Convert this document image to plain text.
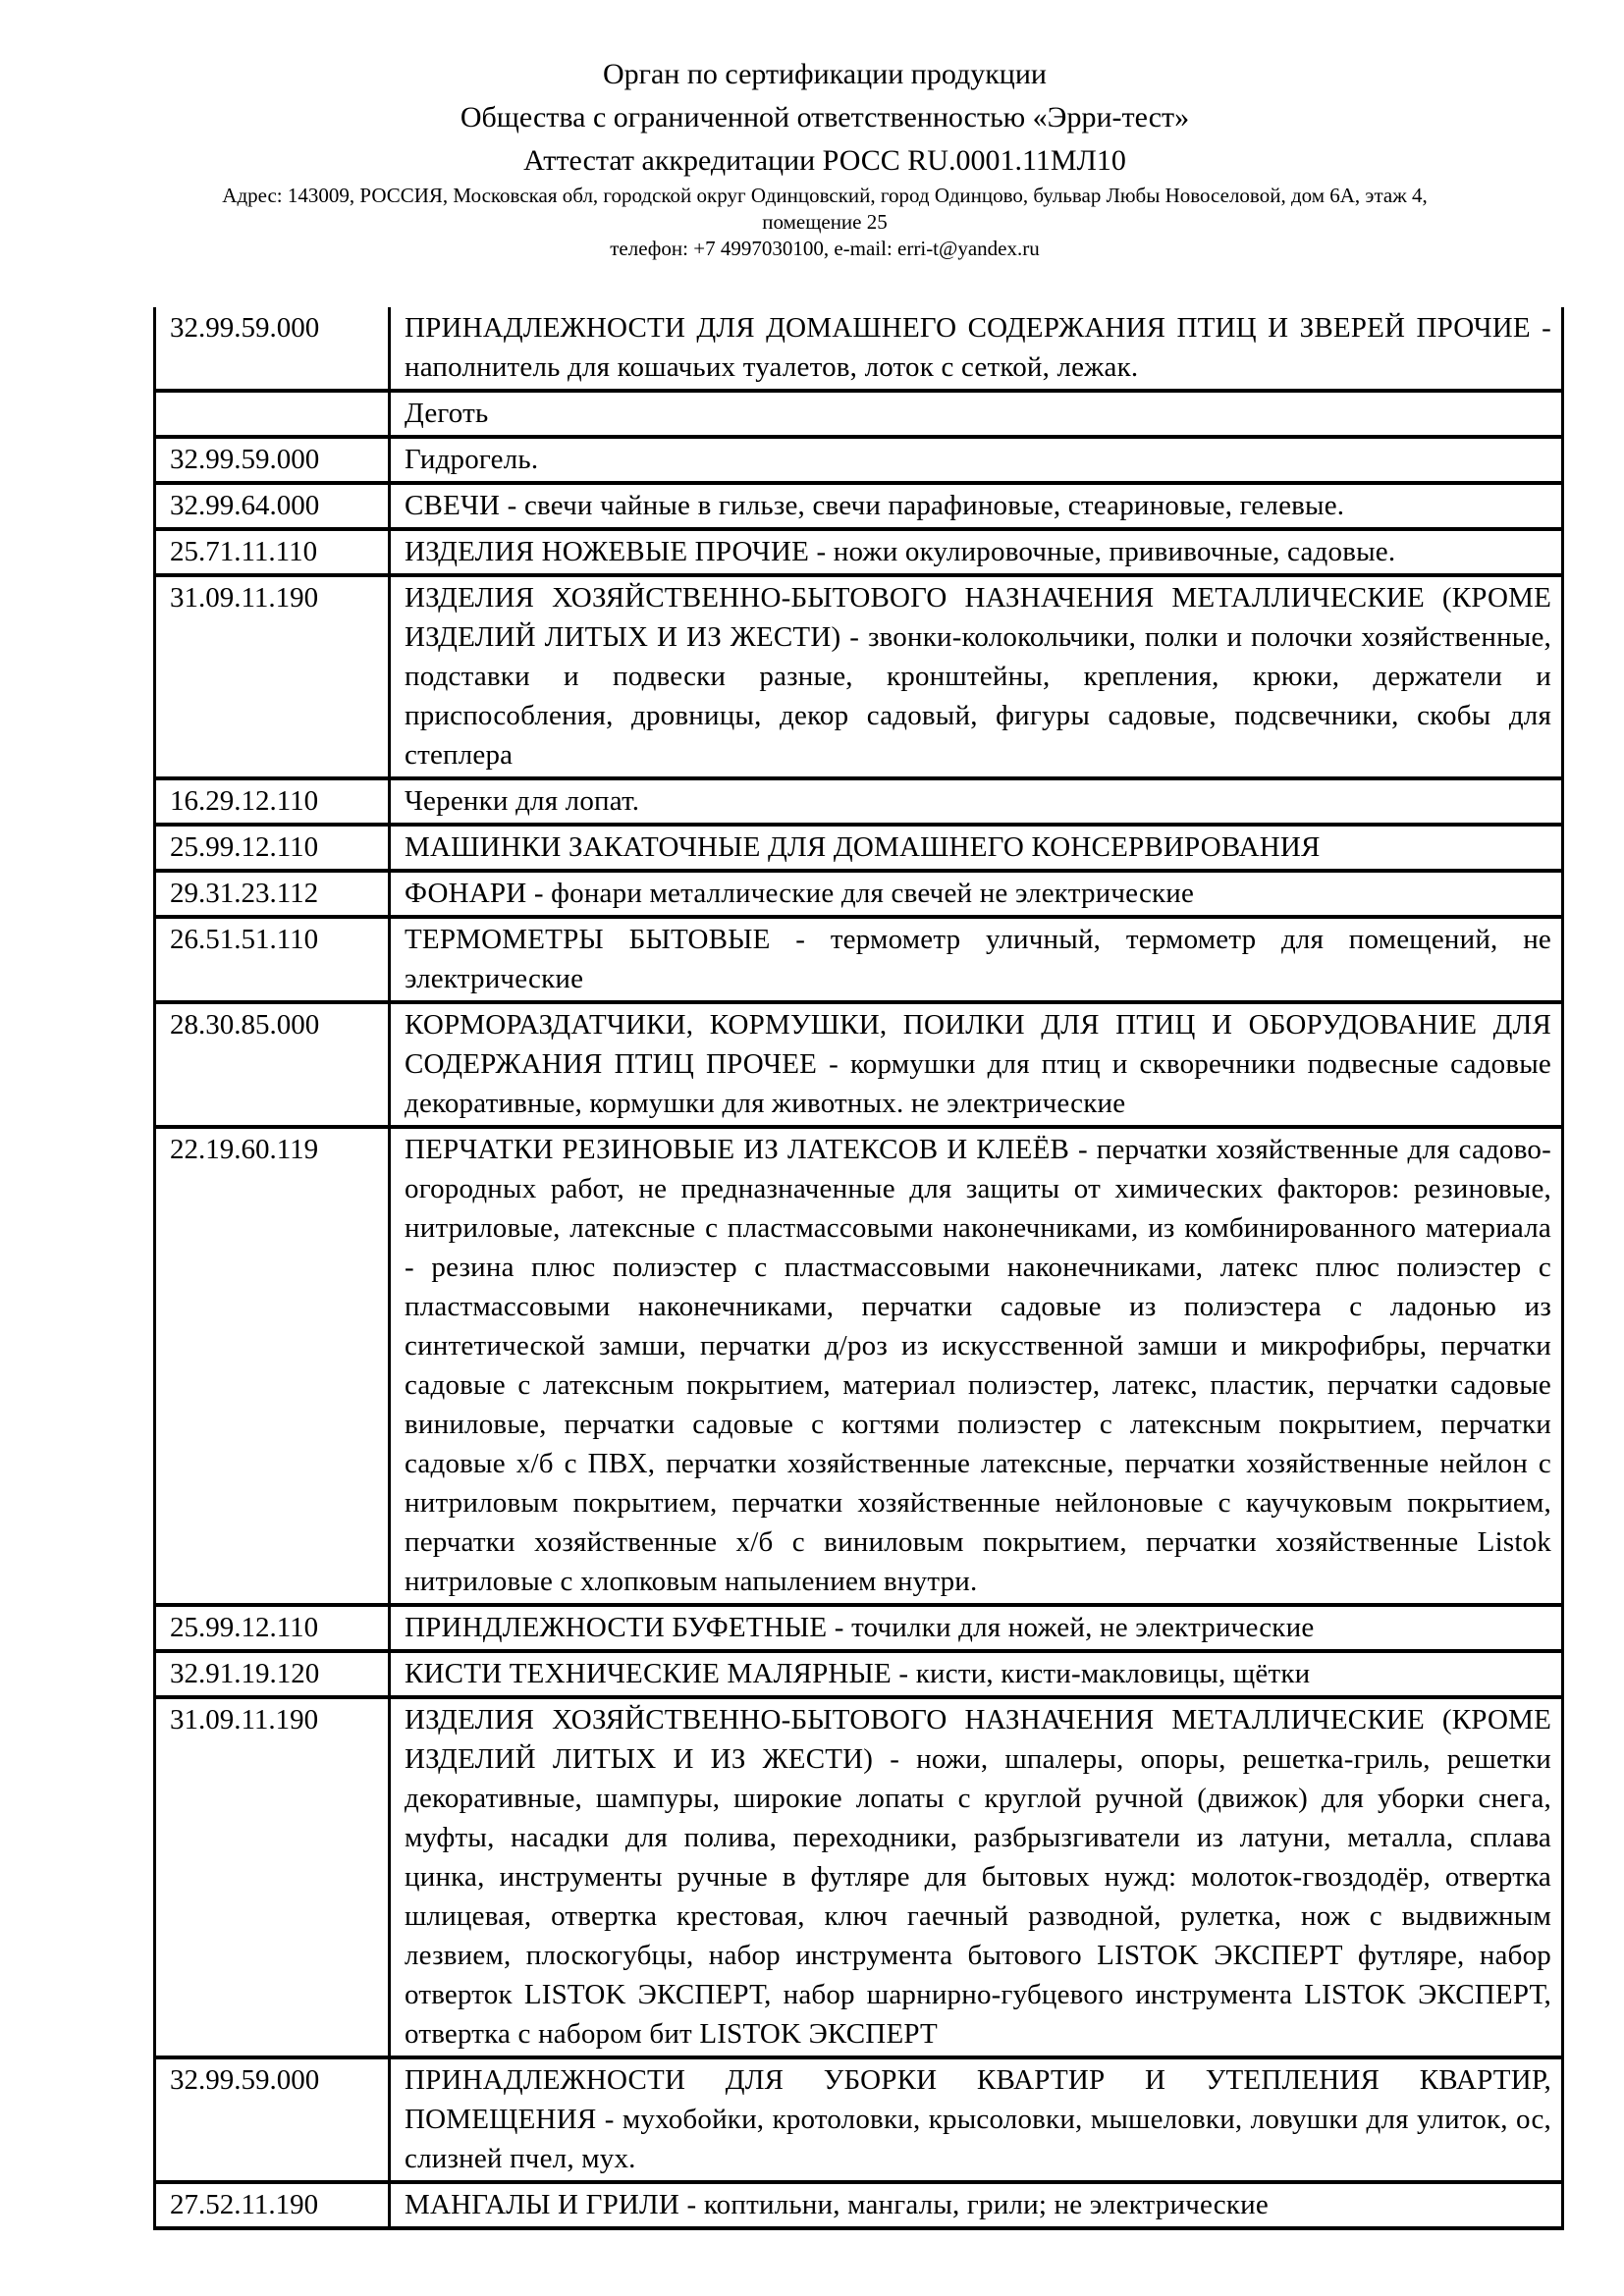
Орган по сертификации продукции
Общества с ограниченной ответственностью «Эрри-тест»
Аттестат аккредитации РОСС RU.0001.11МЛ10
Адрес: 143009, РОССИЯ, Московская обл, городской округ Одинцовский, город Одинцово, бульвар Любы Новоселовой, дом 6А, этаж 4,
помещение 25
телефон: +7 4997030100, e-mail: erri-t@yandex.ru
32.99.59.000	ПРИНАДЛЕЖНОСТИ ДЛЯ ДОМАШНЕГО СОДЕРЖАНИЯ ПТИЦ И ЗВЕРЕЙ ПРОЧИЕ - наполнитель для кошачьих туалетов, лоток с сеткой, лежак.
	Деготь
32.99.59.000	Гидрогель.
32.99.64.000	СВЕЧИ - свечи чайные в гильзе, свечи парафиновые, стеариновые, гелевые.
25.71.11.110	ИЗДЕЛИЯ НОЖЕВЫЕ ПРОЧИЕ - ножи окулировочные, прививочные, садовые.
31.09.11.190	ИЗДЕЛИЯ ХОЗЯЙСТВЕННО-БЫТОВОГО НАЗНАЧЕНИЯ МЕТАЛЛИЧЕСКИЕ (КРОМЕ ИЗДЕЛИЙ ЛИТЫХ И ИЗ ЖЕСТИ) - звонки-колокольчики, полки и полочки хозяйственные, подставки и подвески разные, кронштейны, крепления, крюки, держатели и приспособления, дровницы, декор садовый, фигуры садовые, подсвечники, скобы для степлера
16.29.12.110	Черенки для лопат.
25.99.12.110	МАШИНКИ ЗАКАТОЧНЫЕ ДЛЯ ДОМАШНЕГО КОНСЕРВИРОВАНИЯ
29.31.23.112	ФОНАРИ - фонари металлические для свечей не электрические
26.51.51.110	ТЕРМОМЕТРЫ БЫТОВЫЕ - термометр уличный, термометр для помещений, не электрические
28.30.85.000	КОРМОРАЗДАТЧИКИ, КОРМУШКИ, ПОИЛКИ ДЛЯ ПТИЦ И ОБОРУДОВАНИЕ ДЛЯ СОДЕРЖАНИЯ ПТИЦ ПРОЧЕЕ - кормушки для птиц и скворечники подвесные садовые декоративные, кормушки для животных. не электрические
22.19.60.119	ПЕРЧАТКИ РЕЗИНОВЫЕ ИЗ ЛАТЕКСОВ И КЛЕЁВ - перчатки хозяйственные для садово-огородных работ, не предназначенные для защиты от химических факторов: резиновые, нитриловые, латексные с пластмассовыми наконечниками, из комбинированного материала - резина плюс полиэстер с пластмассовыми наконечниками, латекс плюс полиэстер с пластмассовыми наконечниками, перчатки садовые из полиэстера с ладонью из синтетической замши, перчатки д/роз из искусственной замши и микрофибры, перчатки садовые с латексным покрытием, материал полиэстер, латекс, пластик, перчатки садовые виниловые, перчатки садовые с когтями полиэстер с латексным покрытием, перчатки садовые х/б с ПВХ, перчатки хозяйственные латексные, перчатки хозяйственные нейлон с нитриловым покрытием, перчатки хозяйственные нейлоновые с каучуковым покрытием, перчатки хозяйственные х/б с виниловым покрытием, перчатки хозяйственные Listok нитриловые с хлопковым напылением внутри.
25.99.12.110	ПРИНДЛЕЖНОСТИ БУФЕТНЫЕ - точилки для ножей, не электрические
32.91.19.120	КИСТИ ТЕХНИЧЕСКИЕ МАЛЯРНЫЕ - кисти, кисти-макловицы, щётки
31.09.11.190	ИЗДЕЛИЯ ХОЗЯЙСТВЕННО-БЫТОВОГО НАЗНАЧЕНИЯ МЕТАЛЛИЧЕСКИЕ (КРОМЕ ИЗДЕЛИЙ ЛИТЫХ И ИЗ ЖЕСТИ) - ножи, шпалеры, опоры, решетка-гриль, решетки декоративные, шампуры, широкие лопаты с круглой ручной (движок) для уборки снега, муфты, насадки для полива, переходники, разбрызгиватели из латуни, металла, сплава цинка, инструменты ручные в футляре для бытовых нужд: молоток-гвоздодёр, отвертка шлицевая, отвертка крестовая, ключ гаечный разводной, рулетка, нож с выдвижным лезвием, плоскогубцы, набор инструмента бытового LISTOK ЭКСПЕРТ футляре, набор отверток LISTOK ЭКСПЕРТ, набор шарнирно-губцевого инструмента LISTOK ЭКСПЕРТ, отвертка с набором бит LISTOK ЭКСПЕРТ
32.99.59.000	ПРИНАДЛЕЖНОСТИ ДЛЯ УБОРКИ КВАРТИР И УТЕПЛЕНИЯ КВАРТИР, ПОМЕЩЕНИЯ - мухобойки, кротоловки, крысоловки, мышеловки, ловушки для улиток, ос, слизней пчел, мух.
27.52.11.190	МАНГАЛЫ И ГРИЛИ - коптильни, мангалы, грили; не электрические
